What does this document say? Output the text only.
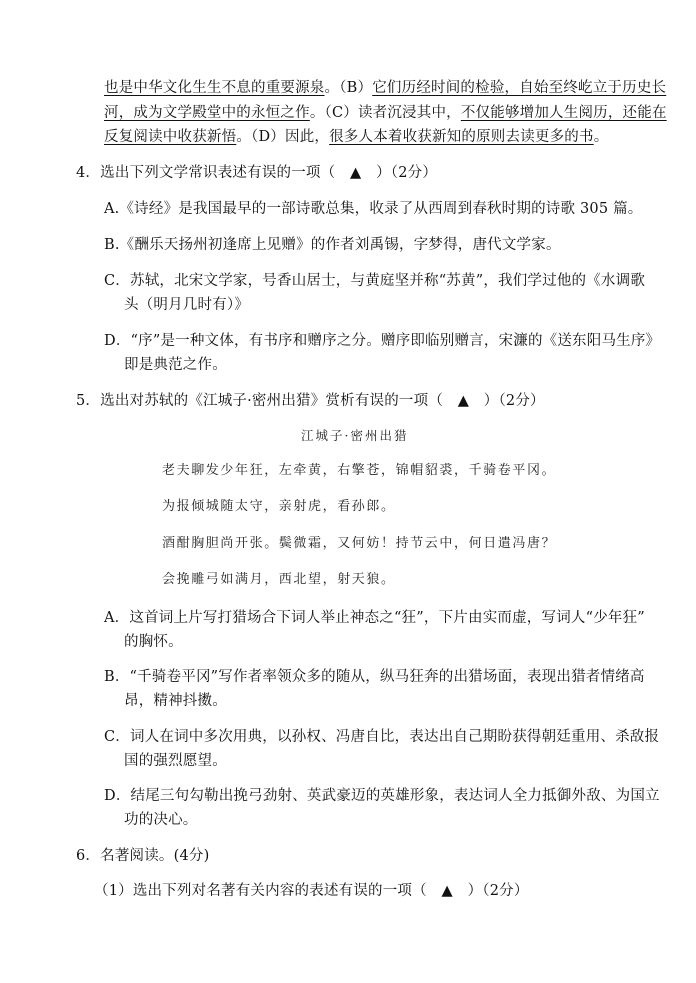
也是中华文化生生不息的重要源泉。（B）它们历经时间的检验，自始至终屹立于历史长
河，成为文学殿堂中的永恒之作。（C）读者沉浸其中，不仅能够增加人生阅历，还能在
反复阅读中收获新悟。（D）因此，很多人本着收获新知的原则去读更多的书。
4．选出下列文学常识表述有误的一项（　▲　）（2分）
A.《诗经》是我国最早的一部诗歌总集，收录了从西周到春秋时期的诗歌 305 篇。
B.《酬乐天扬州初逢席上见赠》的作者刘禹锡，字梦得，唐代文学家。
C．苏轼，北宋文学家，号香山居士，与黄庭坚并称“苏黄”，我们学过他的《水调歌
头（明月几时有）》
D．“序”是一种文体，有书序和赠序之分。赠序即临别赠言，宋濂的《送东阳马生序》
即是典范之作。
5．选出对苏轼的《江城子·密州出猎》赏析有误的一项（　▲　）（2分）
江城子·密州出猎
老夫聊发少年狂，左牵黄，右擎苍，锦帽貂裘，千骑卷平冈。
为报倾城随太守，亲射虎，看孙郎。
酒酣胸胆尚开张。鬓微霜，又何妨！持节云中，何日遣冯唐？
会挽雕弓如满月，西北望，射天狼。
A．这首词上片写打猎场合下词人举止神态之“狂”，下片由实而虚，写词人“少年狂”
的胸怀。
B．“千骑卷平冈”写作者率领众多的随从，纵马狂奔的出猎场面，表现出猎者情绪高
昂，精神抖擞。
C．词人在词中多次用典，以孙权、冯唐自比，表达出自己期盼获得朝廷重用、杀敌报
国的强烈愿望。
D．结尾三句勾勒出挽弓劲射、英武豪迈的英雄形象，表达词人全力抵御外敌、为国立
功的决心。
6．名著阅读。(4分)
（1）选出下列对名著有关内容的表述有误的一项（　▲　）（2分）
